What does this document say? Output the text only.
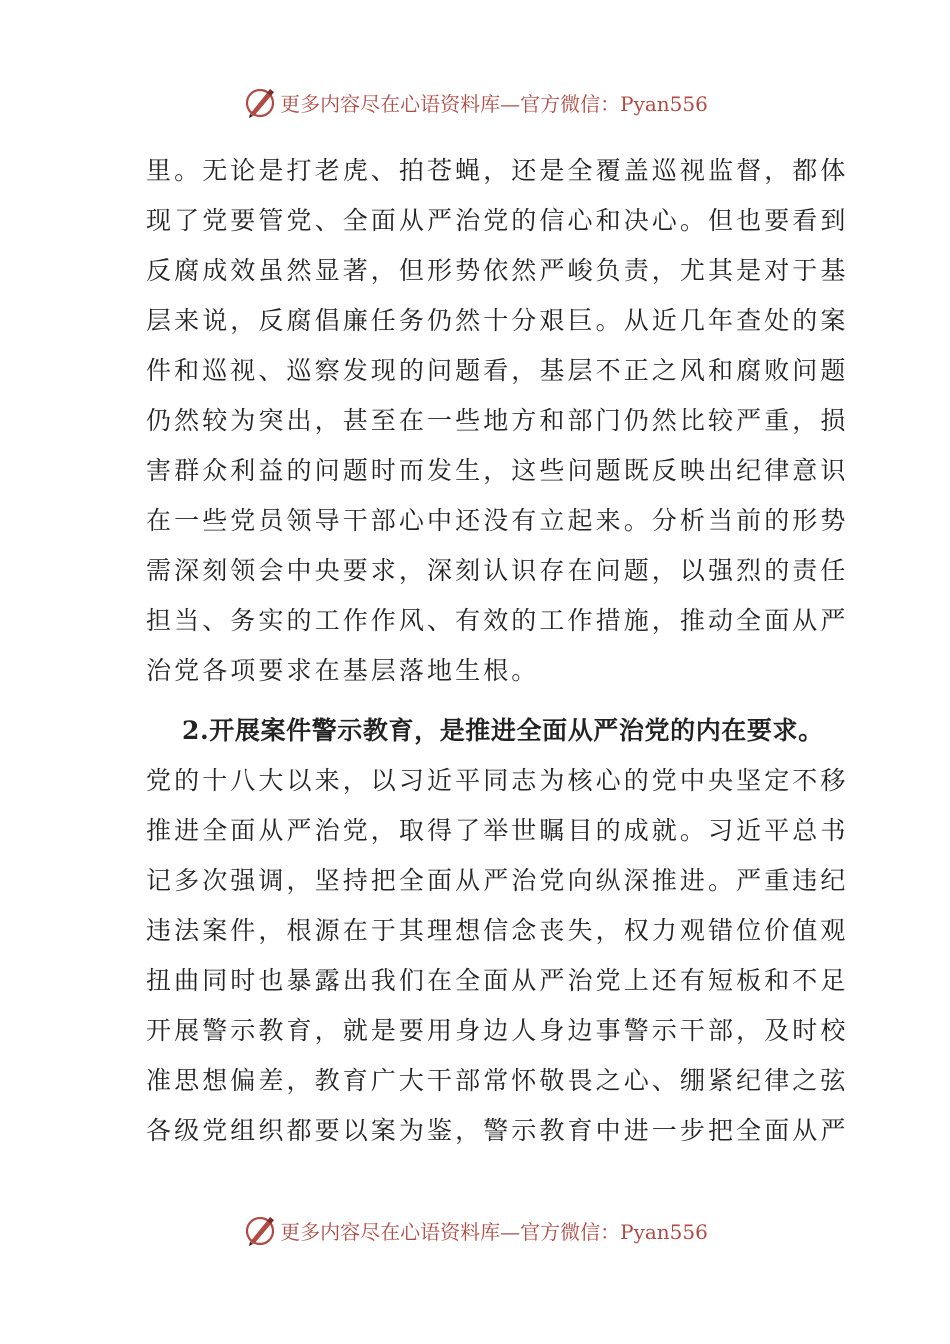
更多内容尽在心语资料库—官方微信：Pyan556
里。无论是打老虎、拍苍蝇，还是全覆盖巡视监督，都体
现了党要管党、全面从严治党的信心和决心。但也要看到
反腐成效虽然显著，但形势依然严峻负责，尤其是对于基
层来说，反腐倡廉任务仍然十分艰巨。从近几年查处的案
件和巡视、巡察发现的问题看，基层不正之风和腐败问题
仍然较为突出，甚至在一些地方和部门仍然比较严重，损
害群众利益的问题时而发生，这些问题既反映出纪律意识
在一些党员领导干部心中还没有立起来。分析当前的形势
需深刻领会中央要求，深刻认识存在问题，以强烈的责任
担当、务实的工作作风、有效的工作措施，推动全面从严
治党各项要求在基层落地生根。
2.开展案件警示教育，是推进全面从严治党的内在要求。
党的十八大以来，以习近平同志为核心的党中央坚定不移
推进全面从严治党，取得了举世瞩目的成就。习近平总书
记多次强调，坚持把全面从严治党向纵深推进。严重违纪
违法案件，根源在于其理想信念丧失，权力观错位价值观
扭曲同时也暴露出我们在全面从严治党上还有短板和不足
开展警示教育，就是要用身边人身边事警示干部，及时校
准思想偏差，教育广大干部常怀敬畏之心、绷紧纪律之弦
各级党组织都要以案为鉴，警示教育中进一步把全面从严
更多内容尽在心语资料库—官方微信：Pyan556
